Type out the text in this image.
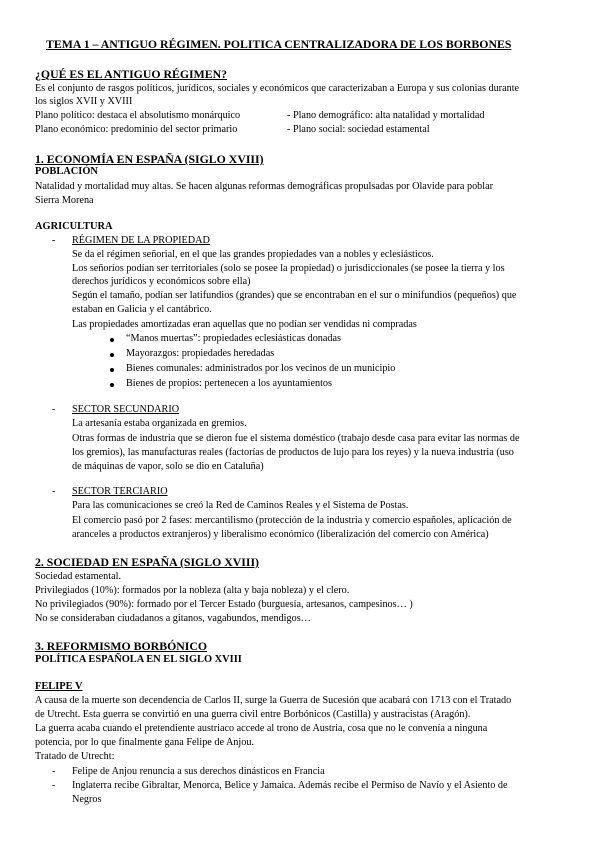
TEMA 1 – ANTIGUO RÉGIMEN. POLITICA CENTRALIZADORA DE LOS BORBONES
¿QUÉ ES EL ANTIGUO RÉGIMEN?
Es el conjunto de rasgos políticos, jurídicos, sociales y económicos que caracterizaban a Europa y sus colonias durante
los siglos XVII y XVIII
Plano político: destaca el absolutismo monárquico	- Plano demográfico: alta natalidad y mortalidad
Plano económico: predominio del sector primario	- Plano social: sociedad estamental
1. ECONOMÍA EN ESPAÑA (SIGLO XVIII)
POBLACIÓN
Natalidad y mortalidad muy altas. Se hacen algunas reformas demográficas propulsadas por Olavide para poblar
Sierra Morena
AGRICULTURA
- RÉGIMEN DE LA PROPIEDAD
Se da el régimen señorial, en el que las grandes propiedades van a nobles y eclesiásticos.
Los señoríos podían ser territoriales (solo se posee la propiedad) o jurisdiccionales (se posee la tierra y los
derechos jurídicos y económicos sobre ella)
Según el tamaño, podían ser latifundios (grandes) que se encontraban en el sur o minifundios (pequeños) que
estaban en Galicia y el cantábrico.
Las propiedades amortizadas eran aquellas que no podían ser vendidas ni compradas
“Manos muertas”: propiedades eclesiásticas donadas
Mayorazgos: propiedades heredadas
Bienes comunales: administrados por los vecinos de un municipio
Bienes de propios: pertenecen a los ayuntamientos
- SECTOR SECUNDARIO
La artesanía estaba organizada en gremios.
Otras formas de industria que se dieron fue el sistema doméstico (trabajo desde casa para evitar las normas de
los gremios), las manufacturas reales (factorías de productos de lujo para los reyes) y la nueva industria (uso
de máquinas de vapor, solo se dio en Cataluña)
- SECTOR TERCIARIO
Para las comunicaciones se creó la Red de Caminos Reales y el Sistema de Postas.
El comercio pasó por 2 fases: mercantilismo (protección de la industria y comercio españoles, aplicación de
aranceles a productos extranjeros) y liberalismo económico (liberalización del comercio con América)
2. SOCIEDAD EN ESPAÑA (SIGLO XVIII)
Sociedad estamental.
Privilegiados (10%): formados por la nobleza (alta y baja nobleza) y el clero.
No privilegiados (90%): formado por el Tercer Estado (burguesía, artesanos, campesinos… )
No se consideraban ciudadanos a gitanos, vagabundos, mendigos…
3. REFORMISMO BORBÓNICO
POLÍTICA ESPAÑOLA EN EL SIGLO XVIII
FELIPE V
A causa de la muerte son decendencia de Carlos II, surge la Guerra de Sucesión que acabará con 1713 con el Tratado
de Utrecht. Esta guerra se convirtió en una guerra civil entre Borbónicos (Castilla) y austracistas (Aragón).
La guerra acaba cuando el pretendiente austriaco accede al trono de Austria, cosa que no le convenía a ninguna
potencia, por lo que finalmente gana Felipe de Anjou.
Tratado de Utrecht:
- Felipe de Anjou renuncia a sus derechos dinásticos en Francia
- Inglaterra recibe Gibraltar, Menorca, Belice y Jamaica. Además recibe el Permiso de Navío y el Asiento de
Negros
